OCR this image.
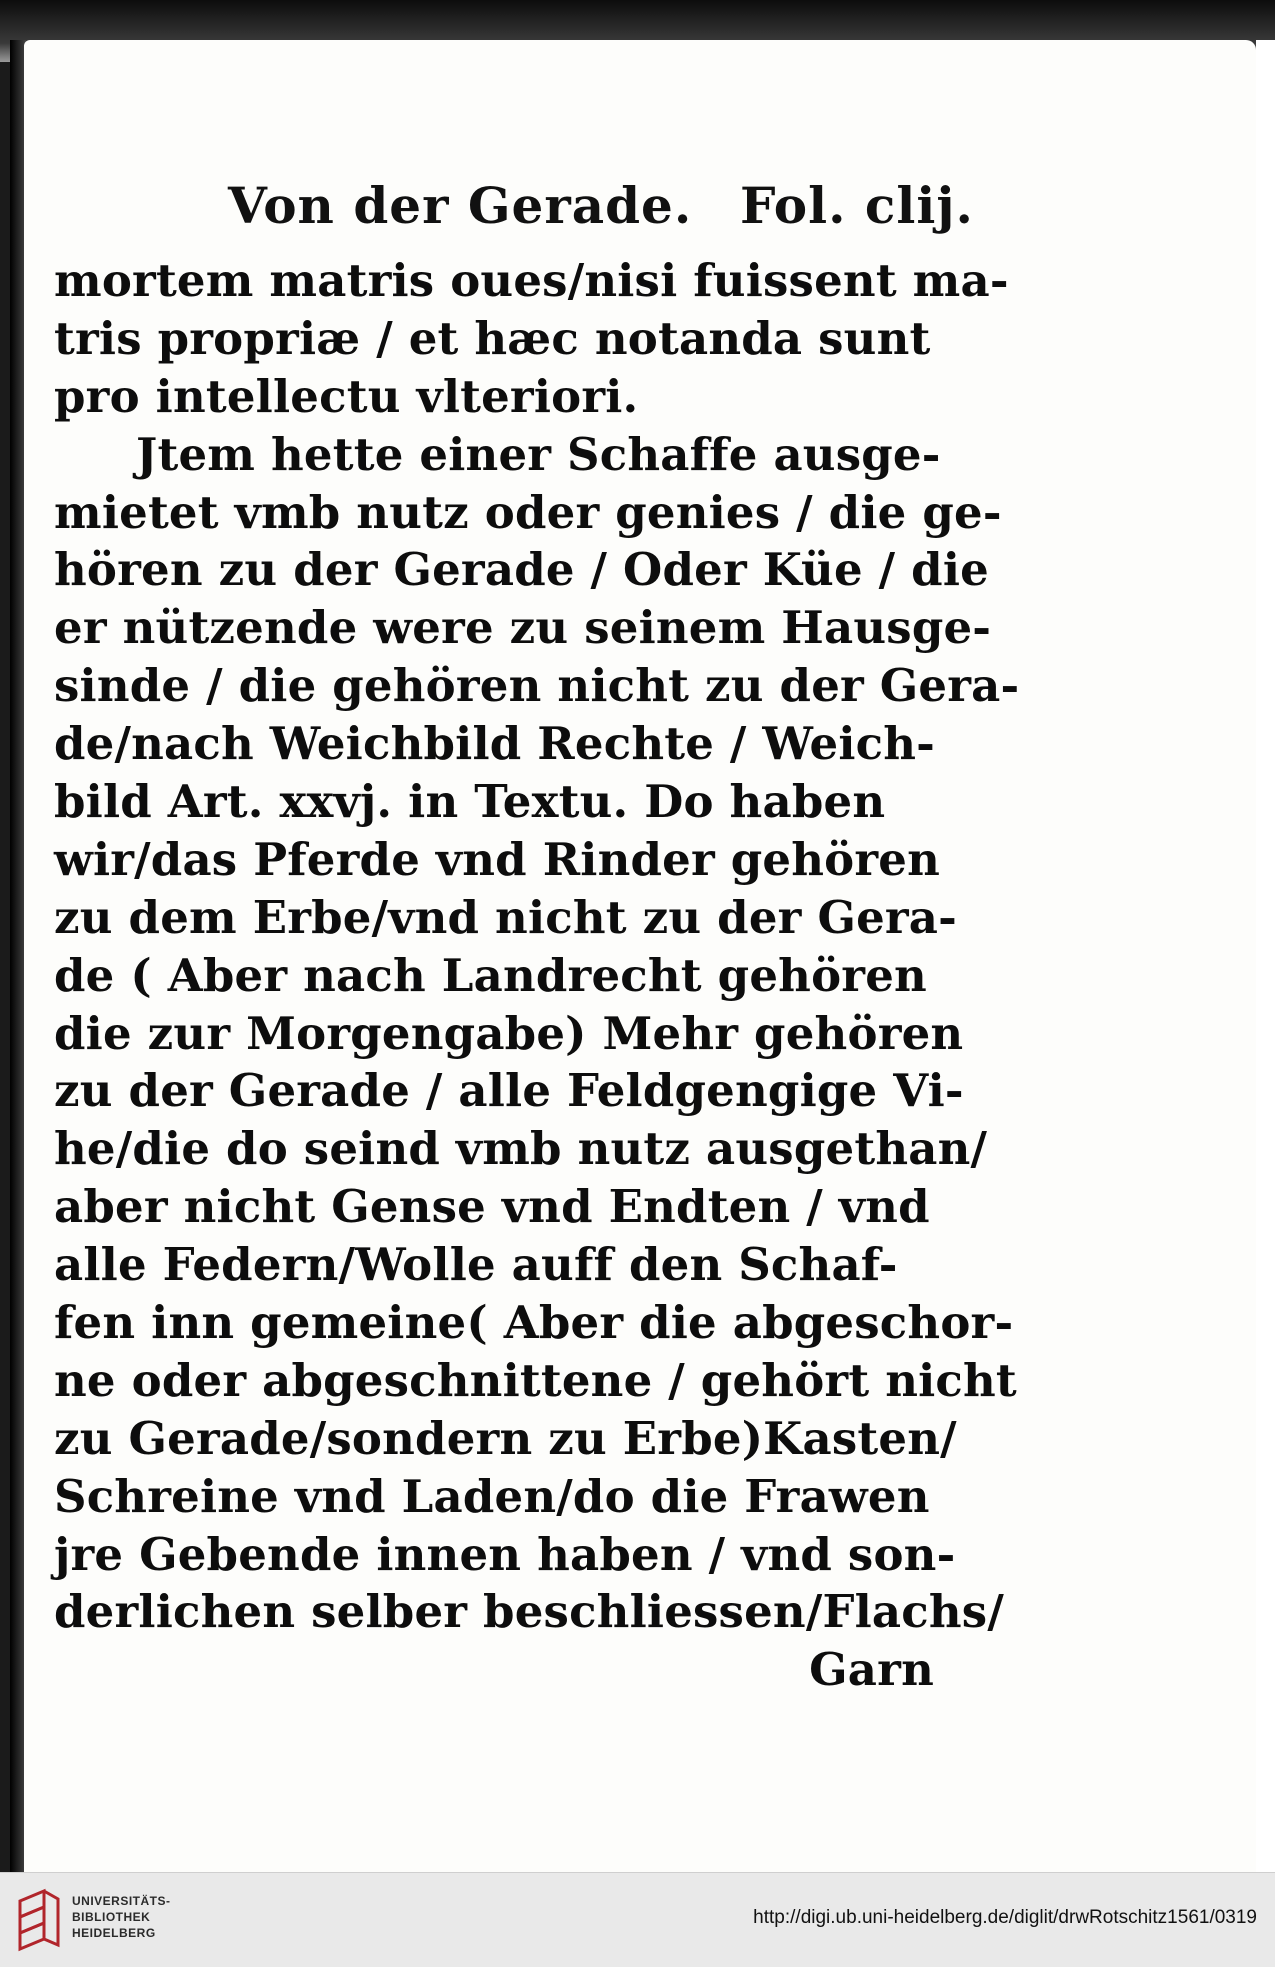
Von der Gerade. Fol. clij.
mortem matris oues/nisi fuissent ma-
tris propriæ / et hæc notanda sunt
pro intellectu vlteriori.
Jtem hette einer Schaffe ausge-
mietet vmb nutz oder genies / die ge-
hören zu der Gerade / Oder Küe / die
er nützende were zu seinem Hausge-
sinde / die gehören nicht zu der Gera-
de/nach Weichbild Rechte / Weich-
bild Art. xxvj. in Textu. Do haben
wir/das Pferde vnd Rinder gehören
zu dem Erbe/vnd nicht zu der Gera-
de ( Aber nach Landrecht gehören
die zur Morgengabe) Mehr gehören
zu der Gerade / alle Feldgengige Vi-
he/die do seind vmb nutz ausgethan/
aber nicht Gense vnd Endten / vnd
alle Federn/Wolle auff den Schaf-
fen inn gemeine( Aber die abgeschor-
ne oder abgeschnittene / gehört nicht
zu Gerade/sondern zu Erbe)Kasten/
Schreine vnd Laden/do die Frawen
jre Gebende innen haben / vnd son-
derlichen selber beschliessen/Flachs/
Garn
UNIVERSITÄTS-
BIBLIOTHEK
HEIDELBERG
http://digi.ub.uni-heidelberg.de/diglit/drwRotschitz1561/0319
